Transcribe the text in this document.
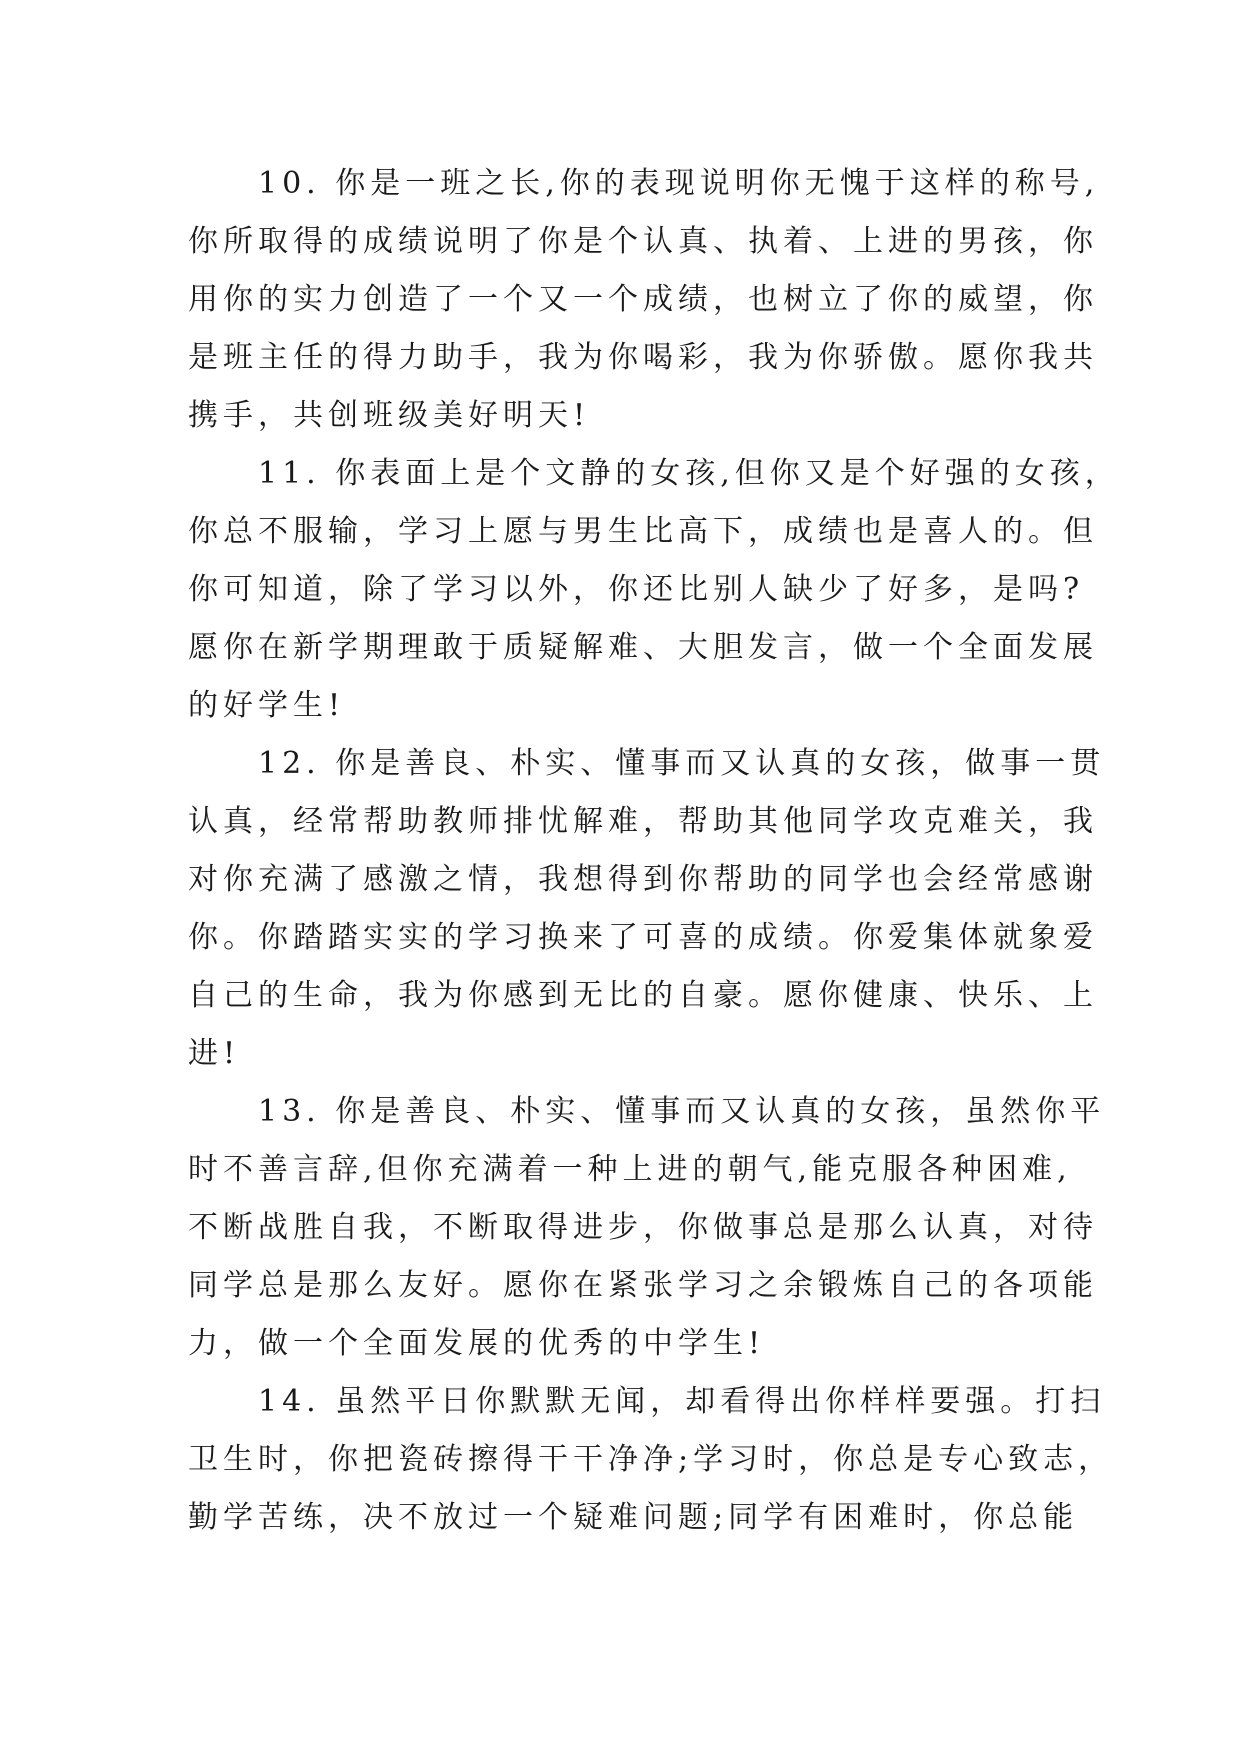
10. 你是一班之长,你的表现说明你无愧于这样的称号,
你所取得的成绩说明了你是个认真、执着、上进的男孩，你
用你的实力创造了一个又一个成绩，也树立了你的威望，你
是班主任的得力助手，我为你喝彩，我为你骄傲。愿你我共
携手，共创班级美好明天!
11. 你表面上是个文静的女孩,但你又是个好强的女孩，
你总不服输，学习上愿与男生比高下，成绩也是喜人的。但
你可知道，除了学习以外，你还比别人缺少了好多，是吗?
愿你在新学期理敢于质疑解难、大胆发言，做一个全面发展
的好学生!
12. 你是善良、朴实、懂事而又认真的女孩，做事一贯
认真，经常帮助教师排忧解难，帮助其他同学攻克难关，我
对你充满了感激之情，我想得到你帮助的同学也会经常感谢
你。你踏踏实实的学习换来了可喜的成绩。你爱集体就象爱
自己的生命，我为你感到无比的自豪。愿你健康、快乐、上
进!
13. 你是善良、朴实、懂事而又认真的女孩，虽然你平
时不善言辞,但你充满着一种上进的朝气,能克服各种困难,
不断战胜自我，不断取得进步，你做事总是那么认真，对待
同学总是那么友好。愿你在紧张学习之余锻炼自己的各项能
力，做一个全面发展的优秀的中学生!
14. 虽然平日你默默无闻，却看得出你样样要强。打扫
卫生时，你把瓷砖擦得干干净净;学习时，你总是专心致志，
勤学苦练，决不放过一个疑难问题;同学有困难时，你总能
